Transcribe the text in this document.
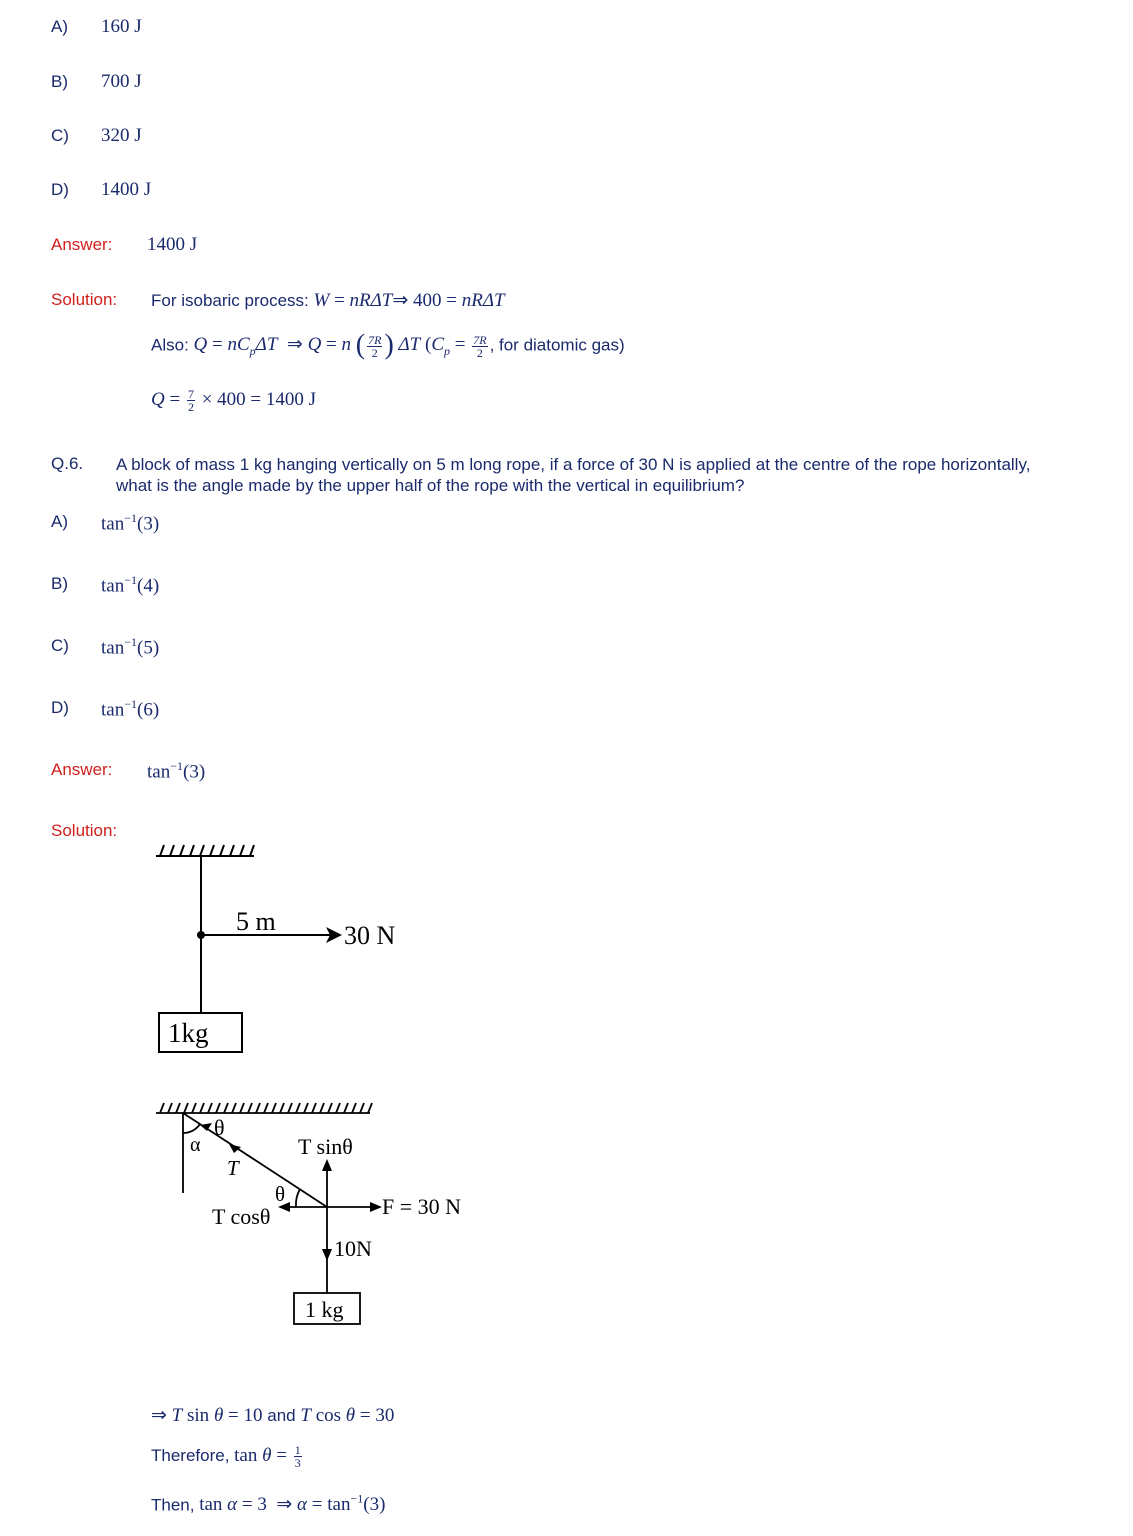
A) 160 J
B) 700 J
C) 320 J
D) 1400 J
Answer: 1400 J
Solution: For isobaric process: W = nRΔT⇒ 400 = nRΔT
Also: $Q = nC_p\Delta T$  ⇒ Q = n ( $\frac{7R}{2}$ ) ΔT ($C_p = \frac{7R}{2}$ , for diatomic gas)
$Q = \frac{7}{2} \times 400 = 1400$ J
Q.6. A block of mass 1 kg hanging vertically on 5 m long rope, if a force of 30 N is applied at the centre of the rope horizontally,
what is the angle made by the upper half of the rope with the vertical in equilibrium?
A) $\tan^{-1}(3)$
B) $\tan^{-1}(4)$
C) $\tan^{-1}(5)$
D) $\tan^{-1}(6)$
Answer: $\tan^{-1}(3)$
Solution:
5 m	30 N
1kg
θ
α
T
θ
T sinθ
T cosθ	F = 30 N
10N
1 kg
⇒ T sin θ = 10 and T cos θ = 30
Therefore, $\tan \theta = \frac{1}{3}$
Then, tan α = 3  ⇒ $\alpha = \tan^{-1}(3)$
